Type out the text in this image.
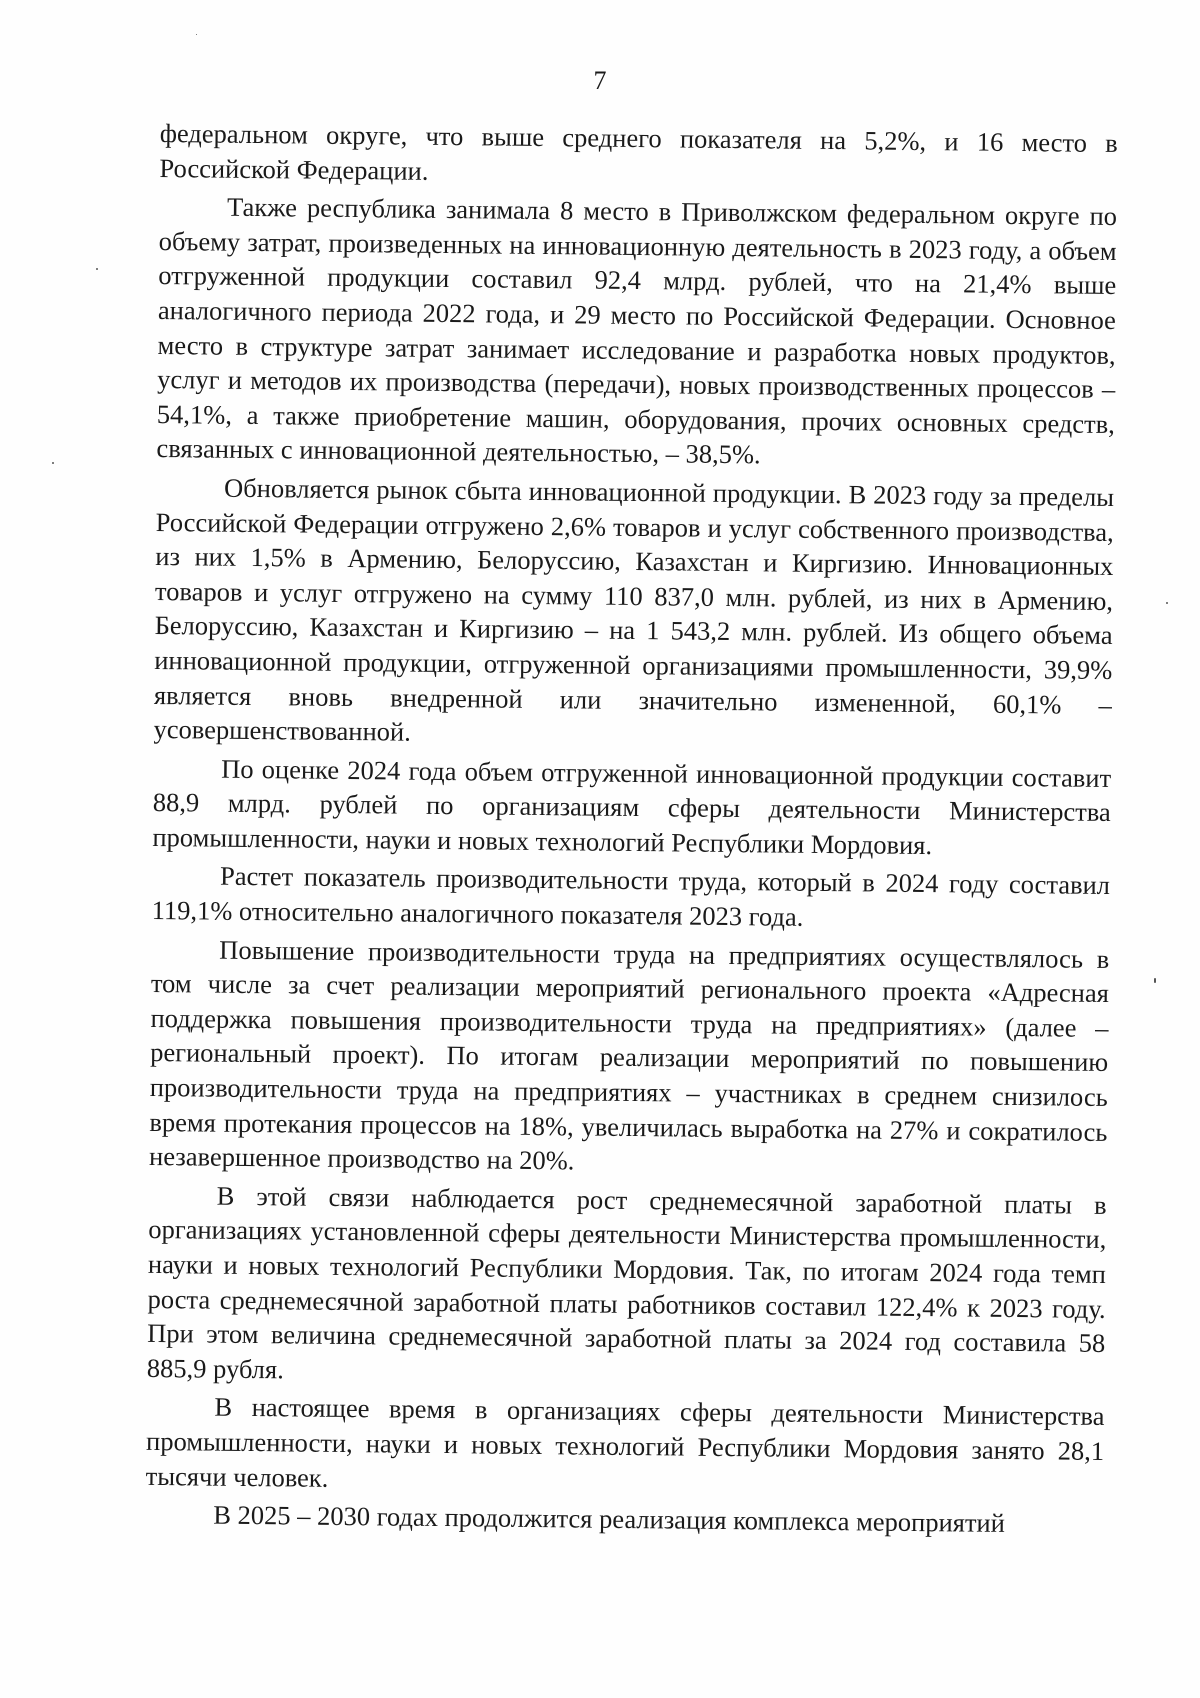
7

федеральном округе, что выше среднего показателя на 5,2%, и 16 место в Российской Федерации.

Также республика занимала 8 место в Приволжском федеральном округе по объему затрат, произведенных на инновационную деятельность в 2023 году, а объем отгруженной продукции составил 92,4 млрд. рублей, что на 21,4% выше аналогичного периода 2022 года, и 29 место по Российской Федерации. Основное место в структуре затрат занимает исследование и разработка новых продуктов, услуг и методов их производства (передачи), новых производственных процессов – 54,1%, а также приобретение машин, оборудования, прочих основных средств, связанных с инновационной деятельностью, – 38,5%.

Обновляется рынок сбыта инновационной продукции. В 2023 году за пределы Российской Федерации отгружено 2,6% товаров и услуг собственного производства, из них 1,5% в Армению, Белоруссию, Казахстан и Киргизию. Инновационных товаров и услуг отгружено на сумму 110 837,0 млн. рублей, из них в Армению, Белоруссию, Казахстан и Киргизию – на 1 543,2 млн. рублей. Из общего объема инновационной продукции, отгруженной организациями промышленности, 39,9% является вновь внедренной или значительно измененной, 60,1% – усовершенствованной.

По оценке 2024 года объем отгруженной инновационной продукции составит 88,9 млрд. рублей по организациям сферы деятельности Министерства промышленности, науки и новых технологий Республики Мордовия.

Растет показатель производительности труда, который в 2024 году составил 119,1% относительно аналогичного показателя 2023 года.

Повышение производительности труда на предприятиях осуществлялось в том числе за счет реализации мероприятий регионального проекта «Адресная поддержка повышения производительности труда на предприятиях» (далее – региональный проект). По итогам реализации мероприятий по повышению производительности труда на предприятиях – участниках в среднем снизилось время протекания процессов на 18%, увеличилась выработка на 27% и сократилось незавершенное производство на 20%.

В этой связи наблюдается рост среднемесячной заработной платы в организациях установленной сферы деятельности Министерства промышленности, науки и новых технологий Республики Мордовия. Так, по итогам 2024 года темп роста среднемесячной заработной платы работников составил 122,4% к 2023 году. При этом величина среднемесячной заработной платы за 2024 год составила 58 885,9 рубля.

В настоящее время в организациях сферы деятельности Министерства промышленности, науки и новых технологий Республики Мордовия занято 28,1 тысячи человек.

В 2025 – 2030 годах продолжится реализация комплекса мероприятий
